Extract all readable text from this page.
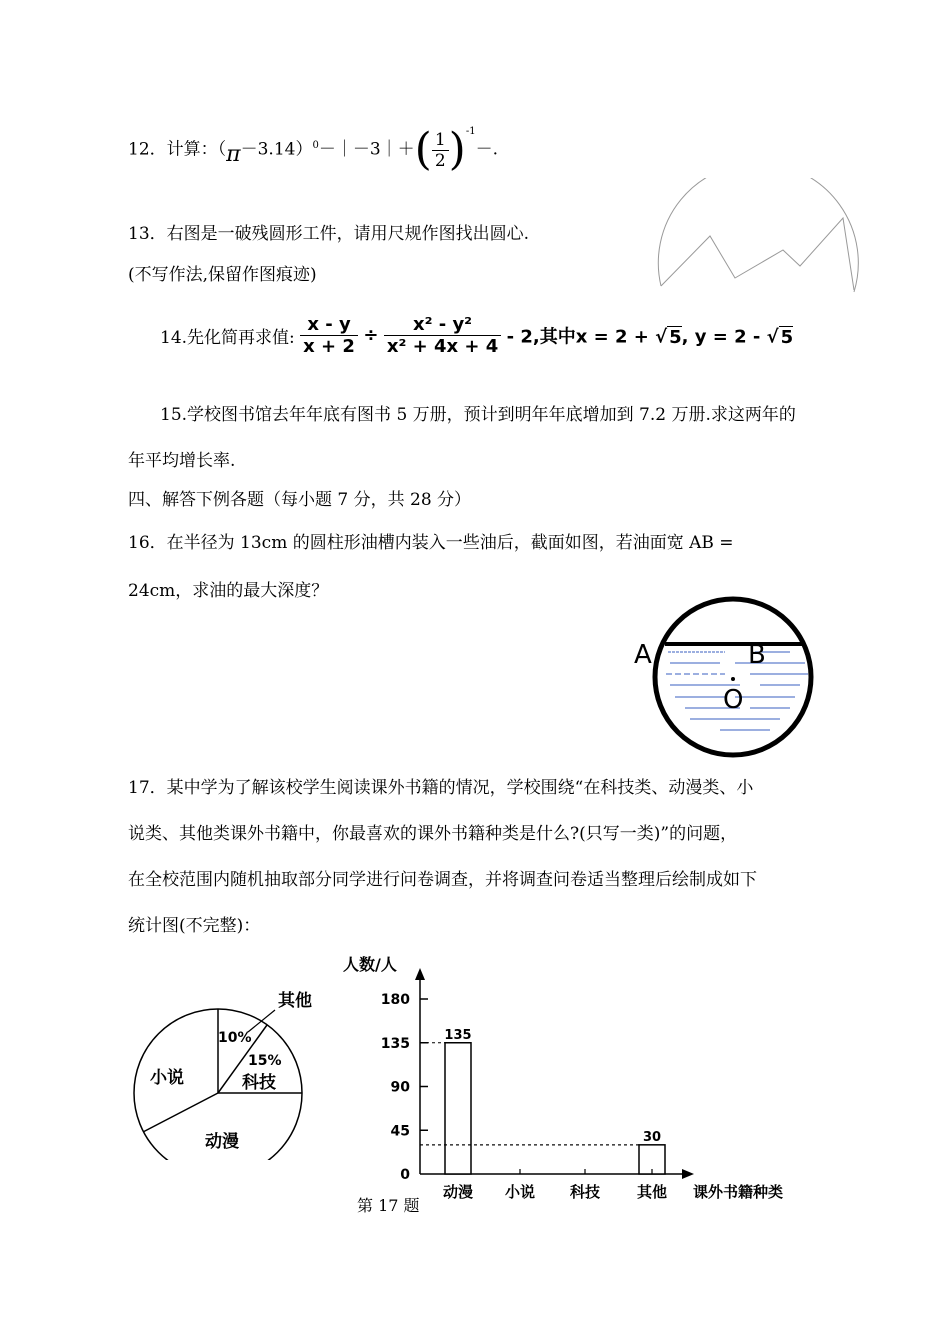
12．计算：$(\pi-3.14)^0-|-3|+( \frac{1}{2} )^{-1}-$.
13．右图是一破残圆形工件，请用尺规作图找出圆心.
(不写作法,保留作图痕迹)
14.先化简再求值: $\frac{x - y}{x + 2} \div \frac{\text{x² - y²}}{\text{x² + 4x + 4}} - 2$,其中x = 2 + √ 5, y = 2 - √ 5
15.学校图书馆去年年底有图书 5 万册，预计到明年年底增加到 7.2 万册.求这两年的
年平均增长率.
四、解答下例各题（每小题 7 分，共 28 分）
16．在半径为 13cm 的圆柱形油槽内装入一些油后，截面如图，若油面宽 AB =
24cm，求油的最大深度？
A	B
O
17．某中学为了解该校学生阅读课外书籍的情况，学校围绕“在科技类、动漫类、小
说类、其他类课外书籍中，你最喜欢的课外书籍种类是什么?(只写一类)”的问题，
在全校范围内随机抽取部分同学进行问卷调查，并将调查问卷适当整理后绘制成如下
统计图(不完整)：
其他
10%
15%
科技
小说
动漫
人数/人
课外书籍种类
0
45
90
135
180
135
30
动漫 小说 科技 其他
第 17 题
